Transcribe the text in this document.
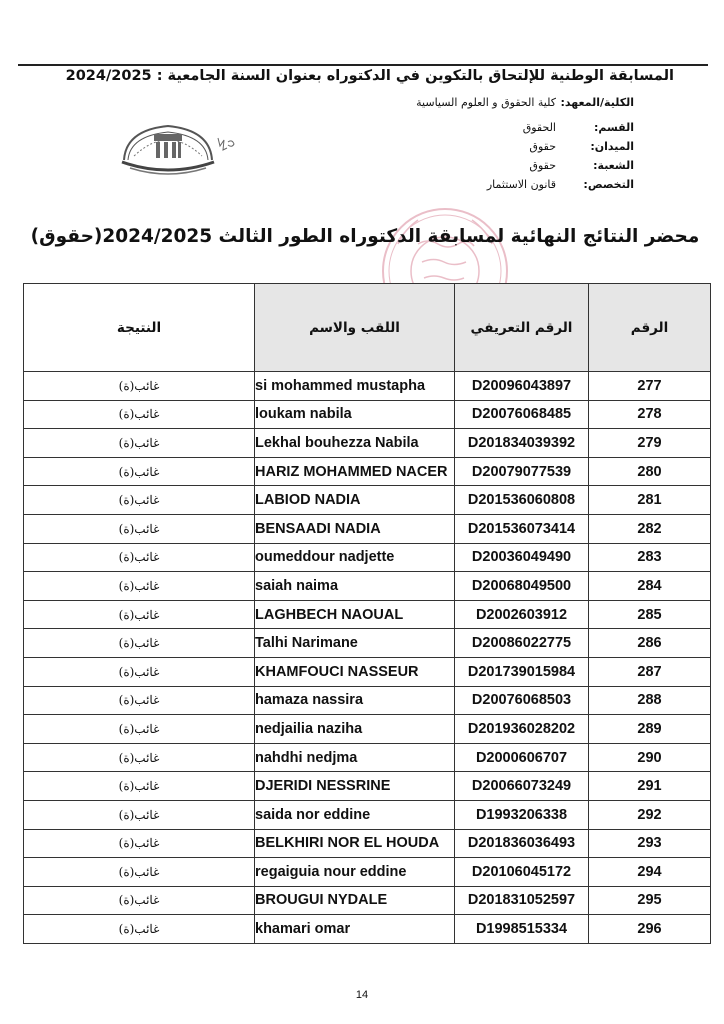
المسابقة الوطنية للإلتحاق بالتكوين في الدكتوراه بعنوان السنة الجامعية : 2024/2025
الكلية/المعهد:
كلية الحقوق و العلوم السياسية
القسم:
الحقوق
الميدان:
حقوق
الشعبة:
حقوق
التخصص:
قانون الاستثمار
محضر النتائج النهائية لمسابقة الدكتوراه الطور الثالث 2024/2025(حقوق)
النتيجة	اللقب والاسم	الرقم التعريفي	الرقم
غائب(ة)	si mohammed mustapha	D20096043897	277
غائب(ة)	loukam nabila	D20076068485	278
غائب(ة)	Lekhal bouhezza Nabila	D201834039392	279
غائب(ة)	HARIZ MOHAMMED NACER	D20079077539	280
غائب(ة)	LABIOD NADIA	D201536060808	281
غائب(ة)	BENSAADI NADIA	D201536073414	282
غائب(ة)	oumeddour nadjette	D20036049490	283
غائب(ة)	saiah naima	D20068049500	284
غائب(ة)	LAGHBECH NAOUAL	D2002603912	285
غائب(ة)	Talhi Narimane	D20086022775	286
غائب(ة)	KHAMFOUCI NASSEUR	D201739015984	287
غائب(ة)	hamaza nassira	D20076068503	288
غائب(ة)	nedjailia naziha	D201936028202	289
غائب(ة)	nahdhi nedjma	D2000606707	290
غائب(ة)	DJERIDI NESSRINE	D20066073249	291
غائب(ة)	saida nor eddine	D1993206338	292
غائب(ة)	BELKHIRI NOR EL HOUDA	D201836036493	293
غائب(ة)	regaiguia nour eddine	D20106045172	294
غائب(ة)	BROUGUI NYDALE	D201831052597	295
غائب(ة)	khamari omar	D1998515334	296
14
